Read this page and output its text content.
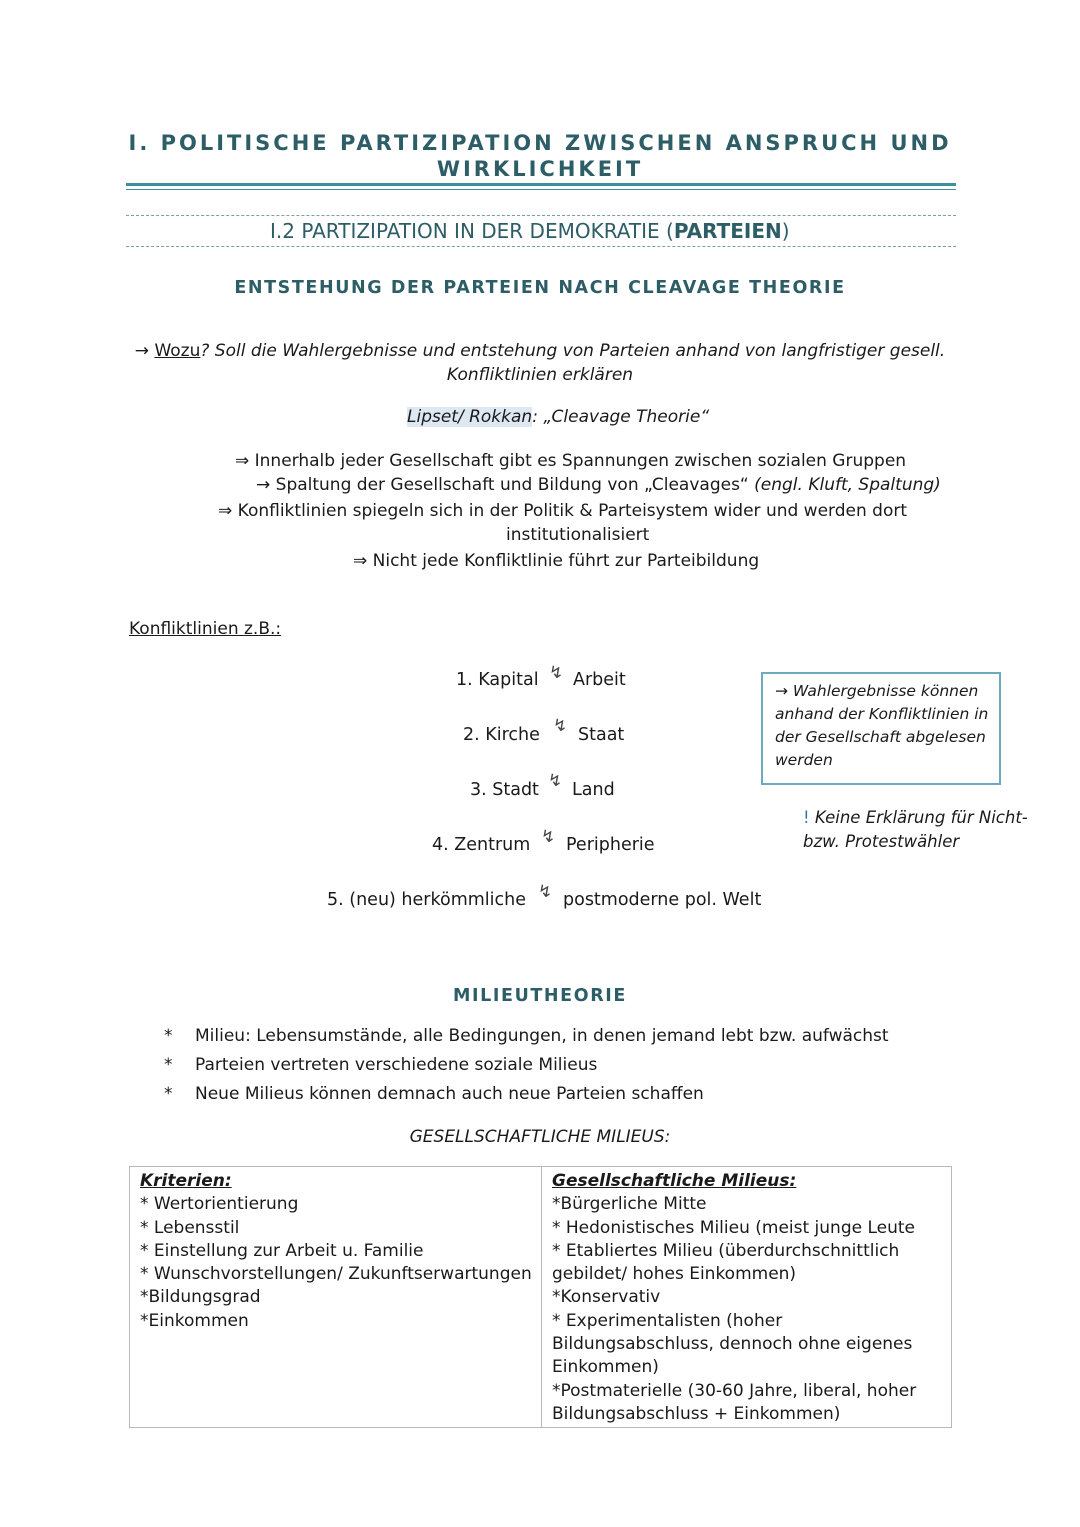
I. POLITISCHE PARTIZIPATION ZWISCHEN ANSPRUCH UND
WIRKLICHKEIT
I.2 PARTIZIPATION IN DER DEMOKRATIE (PARTEIEN)
ENTSTEHUNG DER PARTEIEN NACH CLEAVAGE THEORIE
→ Wozu? Soll die Wahlergebnisse und entstehung von Parteien anhand von langfristiger gesell.
Konfliktlinien erklären
Lipset/ Rokkan: „Cleavage Theorie“
⇒ Innerhalb jeder Gesellschaft gibt es Spannungen zwischen sozialen Gruppen
→ Spaltung der Gesellschaft und Bildung von „Cleavages“ (engl. Kluft, Spaltung)
⇒ Konfliktlinien spiegeln sich in der Politik & Parteisystem wider und werden dort
institutionalisiert
⇒ Nicht jede Konfliktlinie führt zur Parteibildung
Konfliktlinien z.B.:
1. Kapital ↯ Arbeit
2. Kirche ↯ Staat
3. Stadt ↯ Land
4. Zentrum ↯ Peripherie
5. (neu) herkömmliche ↯ postmoderne pol. Welt
→ Wahlergebnisse können
anhand der Konfliktlinien in
der Gesellschaft abgelesen
werden
! Keine Erklärung für Nicht-
bzw. Protestwähler
MILIEUTHEORIE
* Milieu: Lebensumstände, alle Bedingungen, in denen jemand lebt bzw. aufwächst
* Parteien vertreten verschiedene soziale Milieus
* Neue Milieus können demnach auch neue Parteien schaffen
GESELLSCHAFTLICHE MILIEUS:
Kriterien:
* Wertorientierung
* Lebensstil
* Einstellung zur Arbeit u. Familie
* Wunschvorstellungen/ Zukunftserwartungen
*Bildungsgrad
*Einkommen

Gesellschaftliche Milieus:
*Bürgerliche Mitte
* Hedonistisches Milieu (meist junge Leute
* Etabliertes Milieu (überdurchschnittlich gebildet/ hohes Einkommen)
*Konservativ
* Experimentalisten (hoher Bildungsabschluss, dennoch ohne eigenes Einkommen)
*Postmaterielle (30-60 Jahre, liberal, hoher Bildungsabschluss + Einkommen)
